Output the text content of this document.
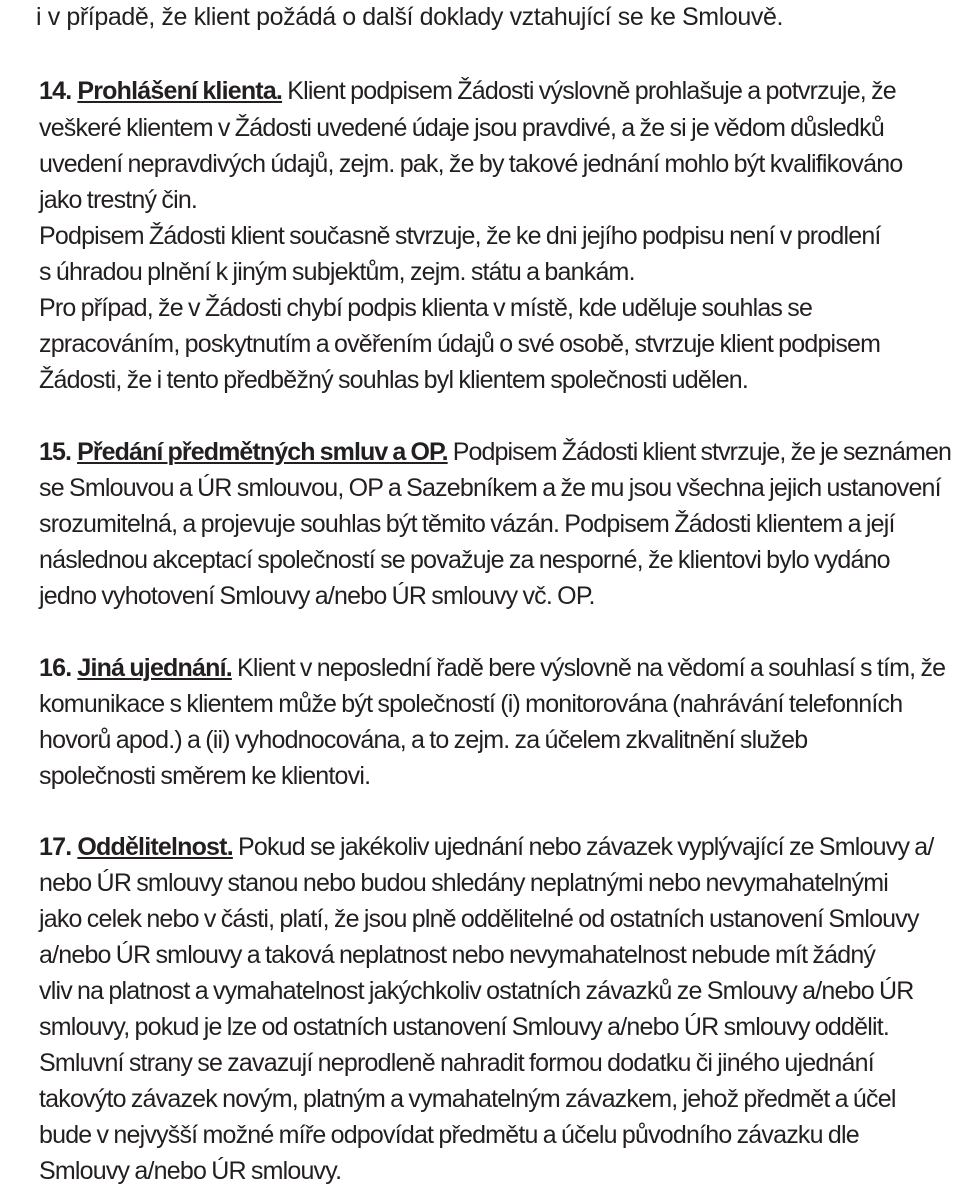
i v případě, že klient požádá o další doklady vztahující se ke Smlouvě.
14. Prohlášení klienta. Klient podpisem Žádosti výslovně prohlašuje a potvrzuje, že
veškeré klientem v Žádosti uvedené údaje jsou pravdivé, a že si je vědom důsledků
uvedení nepravdivých údajů, zejm. pak, že by takové jednání mohlo být kvalifikováno
jako trestný čin.
Podpisem Žádosti klient současně stvrzuje, že ke dni jejího podpisu není v prodlení
s úhradou plnění k jiným subjektům, zejm. státu a bankám.
Pro případ, že v Žádosti chybí podpis klienta v místě, kde uděluje souhlas se
zpracováním, poskytnutím a ověřením údajů o své osobě, stvrzuje klient podpisem
Žádosti, že i tento předběžný souhlas byl klientem společnosti udělen.
15. Předání předmětných smluv a OP. Podpisem Žádosti klient stvrzuje, že je seznámen
se Smlouvou a ÚR smlouvou, OP a Sazebníkem a že mu jsou všechna jejich ustanovení
srozumitelná, a projevuje souhlas být těmito vázán. Podpisem Žádosti klientem a její
následnou akceptací společností se považuje za nesporné, že klientovi bylo vydáno
jedno vyhotovení Smlouvy a/nebo ÚR smlouvy vč. OP.
16. Jiná ujednání. Klient v neposlední řadě bere výslovně na vědomí a souhlasí s tím, že
komunikace s klientem může být společností (i) monitorována (nahrávání telefonních
hovorů apod.) a (ii) vyhodnocována, a to zejm. za účelem zkvalitnění služeb
společnosti směrem ke klientovi.
17. Oddělitelnost. Pokud se jakékoliv ujednání nebo závazek vyplývající ze Smlouvy a/
nebo ÚR smlouvy stanou nebo budou shledány neplatnými nebo nevymahatelnými
jako celek nebo v části, platí, že jsou plně oddělitelné od ostatních ustanovení Smlouvy
a/nebo ÚR smlouvy a taková neplatnost nebo nevymahatelnost nebude mít žádný
vliv na platnost a vymahatelnost jakýchkoliv ostatních závazků ze Smlouvy a/nebo ÚR
smlouvy, pokud je lze od ostatních ustanovení Smlouvy a/nebo ÚR smlouvy oddělit.
Smluvní strany se zavazují neprodleně nahradit formou dodatku či jiného ujednání
takovýto závazek novým, platným a vymahatelným závazkem, jehož předmět a účel
bude v nejvyšší možné míře odpovídat předmětu a účelu původního závazku dle
Smlouvy a/nebo ÚR smlouvy.
